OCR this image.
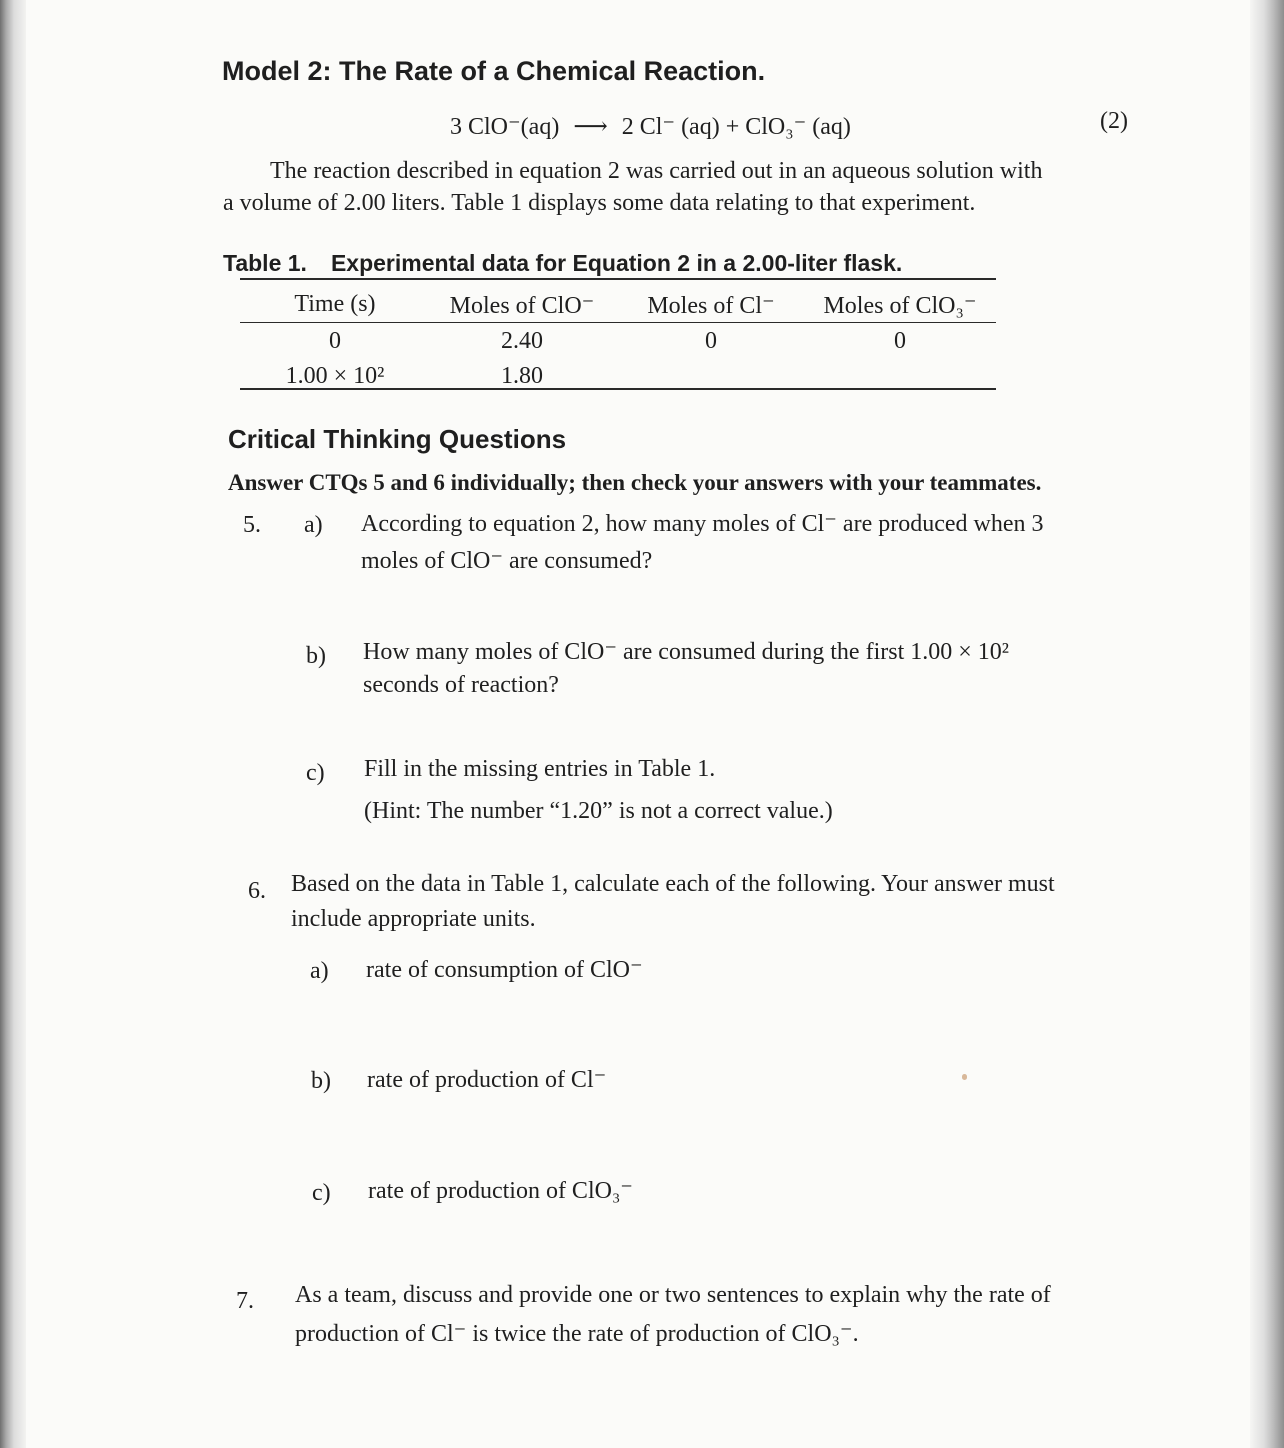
Model 2: The Rate of a Chemical Reaction.
3 ClO⁻(aq) ⟶ 2 Cl⁻ (aq) + ClO₃⁻ (aq)	(2)
The reaction described in equation 2 was carried out in an aqueous solution with
a volume of 2.00 liters. Table 1 displays some data relating to that experiment.
Table 1. Experimental data for Equation 2 in a 2.00-liter flask.
Time (s)	Moles of ClO⁻	Moles of Cl⁻	Moles of ClO₃⁻
0	2.40	0	0
1.00 × 10²	1.80
Critical Thinking Questions
Answer CTQs 5 and 6 individually; then check your answers with your teammates.
5. a) According to equation 2, how many moles of Cl⁻ are produced when 3
moles of ClO⁻ are consumed?
b) How many moles of ClO⁻ are consumed during the first 1.00 × 10²
seconds of reaction?
c) Fill in the missing entries in Table 1.
(Hint: The number “1.20” is not a correct value.)
6. Based on the data in Table 1, calculate each of the following. Your answer must
include appropriate units.
a) rate of consumption of ClO⁻
b) rate of production of Cl⁻
c) rate of production of ClO₃⁻
7. As a team, discuss and provide one or two sentences to explain why the rate of
production of Cl⁻ is twice the rate of production of ClO₃⁻.
